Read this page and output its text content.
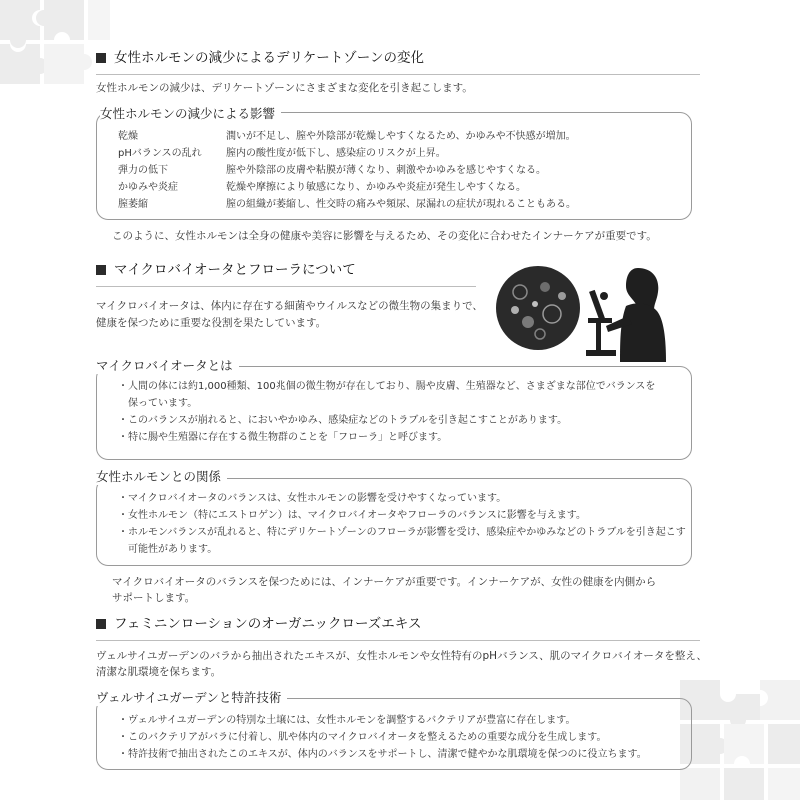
女性ホルモンの減少によるデリケートゾーンの変化
女性ホルモンの減少は、デリケートゾーンにさまざまな変化を引き起こします。
女性ホルモンの減少による影響
乾燥	潤いが不足し、膣や外陰部が乾燥しやすくなるため、かゆみや不快感が増加。
pHバランスの乱れ	膣内の酸性度が低下し、感染症のリスクが上昇。
弾力の低下	膣や外陰部の皮膚や粘膜が薄くなり、刺激やかゆみを感じやすくなる。
かゆみや炎症	乾燥や摩擦により敏感になり、かゆみや炎症が発生しやすくなる。
膣萎縮	膣の組織が萎縮し、性交時の痛みや頻尿、尿漏れの症状が現れることもある。
このように、女性ホルモンは全身の健康や美容に影響を与えるため、その変化に合わせたインナーケアが重要です。
マイクロバイオータとフローラについて
マイクロバイオータは、体内に存在する細菌やウイルスなどの微生物の集まりで、
健康を保つために重要な役割を果たしています。
マイクロバイオータとは
・人間の体には約1,000種類、100兆個の微生物が存在しており、腸や皮膚、生殖器など、さまざまな部位でバランスを
保っています。
・このバランスが崩れると、においやかゆみ、感染症などのトラブルを引き起こすことがあります。
・特に腸や生殖器に存在する微生物群のことを「フローラ」と呼びます。
女性ホルモンとの関係
・マイクロバイオータのバランスは、女性ホルモンの影響を受けやすくなっています。
・女性ホルモン（特にエストロゲン）は、マイクロバイオータやフローラのバランスに影響を与えます。
・ホルモンバランスが乱れると、特にデリケートゾーンのフローラが影響を受け、感染症やかゆみなどのトラブルを引き起こす
可能性があります。
マイクロバイオータのバランスを保つためには、インナーケアが重要です。インナーケアが、女性の健康を内側から
サポートします。
フェミニンローションのオーガニックローズエキス
ヴェルサイユガーデンのバラから抽出されたエキスが、女性ホルモンや女性特有のpHバランス、肌のマイクロバイオータを整え、
清潔な肌環境を保ちます。
ヴェルサイユガーデンと特許技術
・ヴェルサイユガーデンの特別な土壌には、女性ホルモンを調整するバクテリアが豊富に存在します。
・このバクテリアがバラに付着し、肌や体内のマイクロバイオータを整えるための重要な成分を生成します。
・特許技術で抽出されたこのエキスが、体内のバランスをサポートし、清潔で健やかな肌環境を保つのに役立ちます。
